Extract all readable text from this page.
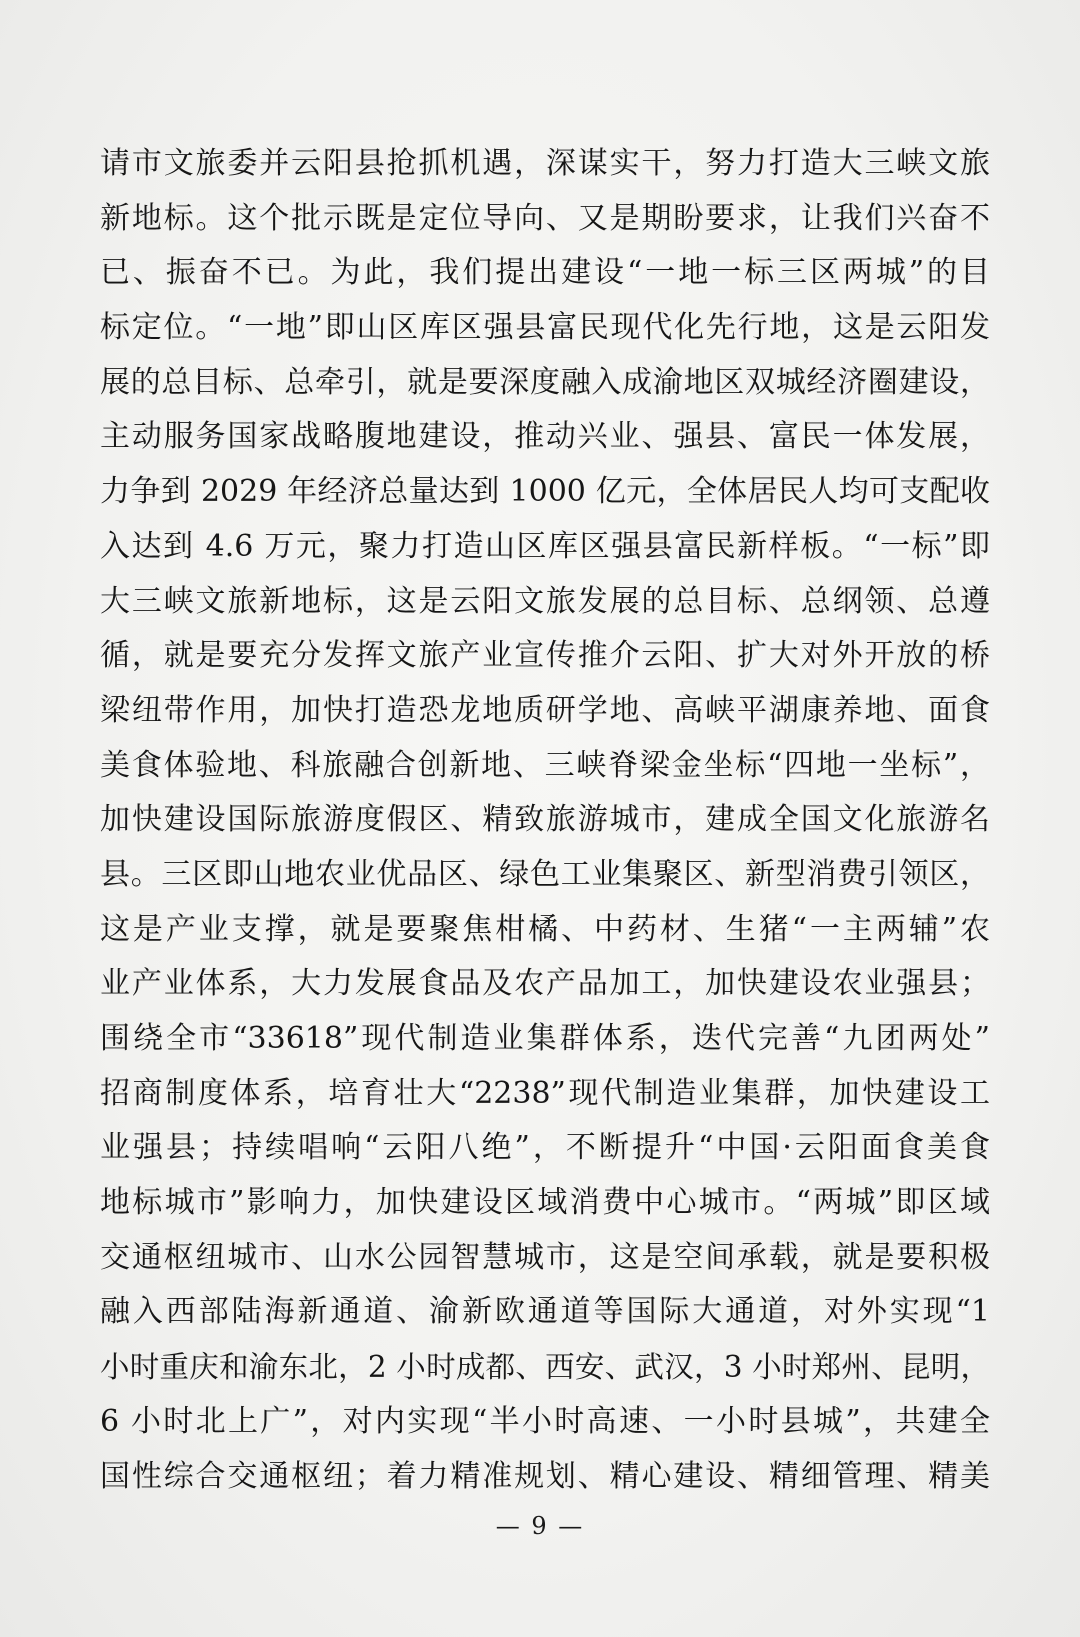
请市文旅委并云阳县抢抓机遇，深谋实干，努力打造大三峡文旅
新地标。这个批示既是定位导向、又是期盼要求，让我们兴奋不
已、振奋不已。为此，我们提出建设“一地一标三区两城”的目
标定位。“一地”即山区库区强县富民现代化先行地，这是云阳发
展的总目标、总牵引，就是要深度融入成渝地区双城经济圈建设，
主动服务国家战略腹地建设，推动兴业、强县、富民一体发展，
力争到 2029 年经济总量达到 1000 亿元，全体居民人均可支配收
入达到 4.6 万元，聚力打造山区库区强县富民新样板。“一标”即
大三峡文旅新地标，这是云阳文旅发展的总目标、总纲领、总遵
循，就是要充分发挥文旅产业宣传推介云阳、扩大对外开放的桥
梁纽带作用，加快打造恐龙地质研学地、高峡平湖康养地、面食
美食体验地、科旅融合创新地、三峡脊梁金坐标“四地一坐标”，
加快建设国际旅游度假区、精致旅游城市，建成全国文化旅游名
县。三区即山地农业优品区、绿色工业集聚区、新型消费引领区，
这是产业支撑，就是要聚焦柑橘、中药材、生猪“一主两辅”农
业产业体系，大力发展食品及农产品加工，加快建设农业强县；
围绕全市“33618”现代制造业集群体系，迭代完善“九团两处”
招商制度体系，培育壮大“2238”现代制造业集群，加快建设工
业强县；持续唱响“云阳八绝”，不断提升“中国·云阳面食美食
地标城市”影响力，加快建设区域消费中心城市。“两城”即区域
交通枢纽城市、山水公园智慧城市，这是空间承载，就是要积极
融入西部陆海新通道、渝新欧通道等国际大通道，对外实现“1
小时重庆和渝东北，2 小时成都、西安、武汉，3 小时郑州、昆明，
6 小时北上广”，对内实现“半小时高速、一小时县城”，共建全
国性综合交通枢纽；着力精准规划、精心建设、精细管理、精美
— 9 —
